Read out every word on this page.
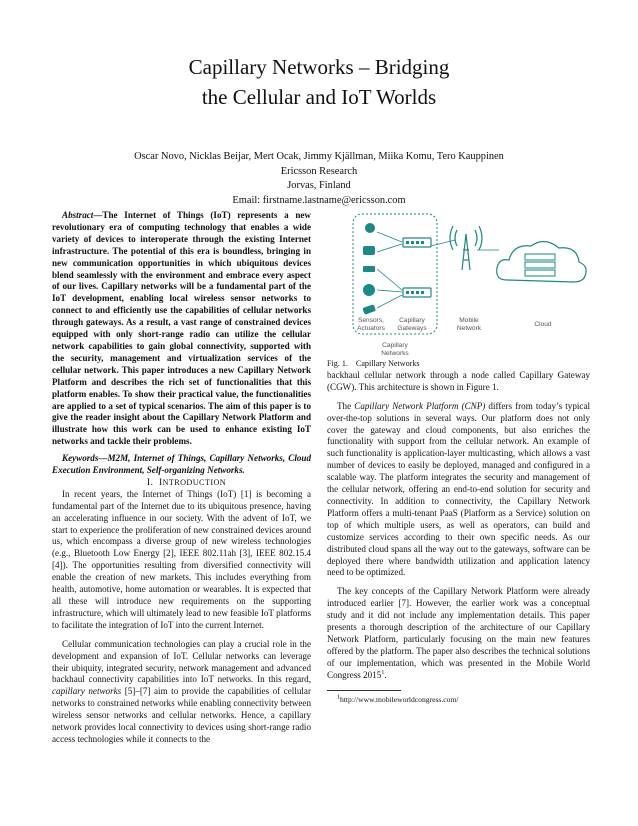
Capillary Networks – Bridging
the Cellular and IoT Worlds
Oscar Novo, Nicklas Beijar, Mert Ocak, Jimmy Kjällman, Miika Komu, Tero Kauppinen
Ericsson Research
Jorvas, Finland
Email: firstname.lastname@ericsson.com

Abstract—The Internet of Things (IoT) represents a new revolutionary era of computing technology that enables a wide variety of devices to interoperate through the existing Internet infrastructure. The potential of this era is boundless, bringing in new communication opportunities in which ubiquitous devices blend seamlessly with the environment and embrace every aspect of our lives. Capillary networks will be a fundamental part of the IoT development, enabling local wireless sensor networks to connect to and efficiently use the capabilities of cellular networks through gateways. As a result, a vast range of constrained devices equipped with only short-range radio can utilize the cellular network capabilities to gain global connectivity, supported with the security, management and virtualization services of the cellular network. This paper introduces a new Capillary Network Platform and describes the rich set of functionalities that this platform enables. To show their practical value, the functionalities are applied to a set of typical scenarios. The aim of this paper is to give the reader insight about the Capillary Network Platform and illustrate how this work can be used to enhance existing IoT networks and tackle their problems.

Keywords—M2M, Internet of Things, Capillary Networks, Cloud Execution Environment, Self-organizing Networks.

I. INTRODUCTION

In recent years, the Internet of Things (IoT) [1] is becoming a fundamental part of the Internet due to its ubiquitous presence, having an accelerating influence in our society. With the advent of IoT, we start to experience the proliferation of new constrained devices around us, which encompass a diverse group of new wireless technologies (e.g., Bluetooth Low Energy [2], IEEE 802.11ah [3], IEEE 802.15.4 [4]). The opportunities resulting from diversified connectivity will enable the creation of new markets. This includes everything from health, automotive, home automation or wearables. It is expected that all these will introduce new requirements on the supporting infrastructure, which will ultimately lead to new feasible IoT platforms to facilitate the integration of IoT into the current Internet.

Cellular communication technologies can play a crucial role in the development and expansion of IoT. Cellular networks can leverage their ubiquity, integrated security, network management and advanced backhaul connectivity capabilities into IoT networks. In this regard, capillary networks [5]–[7] aim to provide the capabilities of cellular networks to constrained networks while enabling connectivity between wireless sensor networks and cellular networks. Hence, a capillary network provides local connectivity to devices using short-range radio access technologies while it connects to the

Sensors,
Actuators
Capillary
Gateways
Mobile
Network
Cloud
Capillary
Networks

Fig. 1. Capillary Networks

backhaul cellular network through a node called Capillary Gateway (CGW). This architecture is shown in Figure 1.

The Capillary Network Platform (CNP) differs from today’s typical over-the-top solutions in several ways. Our platform does not only cover the gateway and cloud components, but also enriches the functionality with support from the cellular network. An example of such functionality is application-layer multicasting, which allows a vast number of devices to easily be deployed, managed and configured in a scalable way. The platform integrates the security and management of the cellular network, offering an end-to-end solution for security and connectivity. In addition to connectivity, the Capillary Network Platform offers a multi-tenant PaaS (Platform as a Service) solution on top of which multiple users, as well as operators, can build and customize services according to their own specific needs. As our distributed cloud spans all the way out to the gateways, software can be deployed there where bandwidth utilization and application latency need to be optimized.

The key concepts of the Capillary Network Platform were already introduced earlier [7]. However, the earlier work was a conceptual study and it did not include any implementation details. This paper presents a thorough description of the architecture of our Capillary Network Platform, particularly focusing on the main new features offered by the platform. The paper also describes the technical solutions of our implementation, which was presented in the Mobile World Congress 2015$^1$.

$^1$http://www.mobileworldcongress.com/
